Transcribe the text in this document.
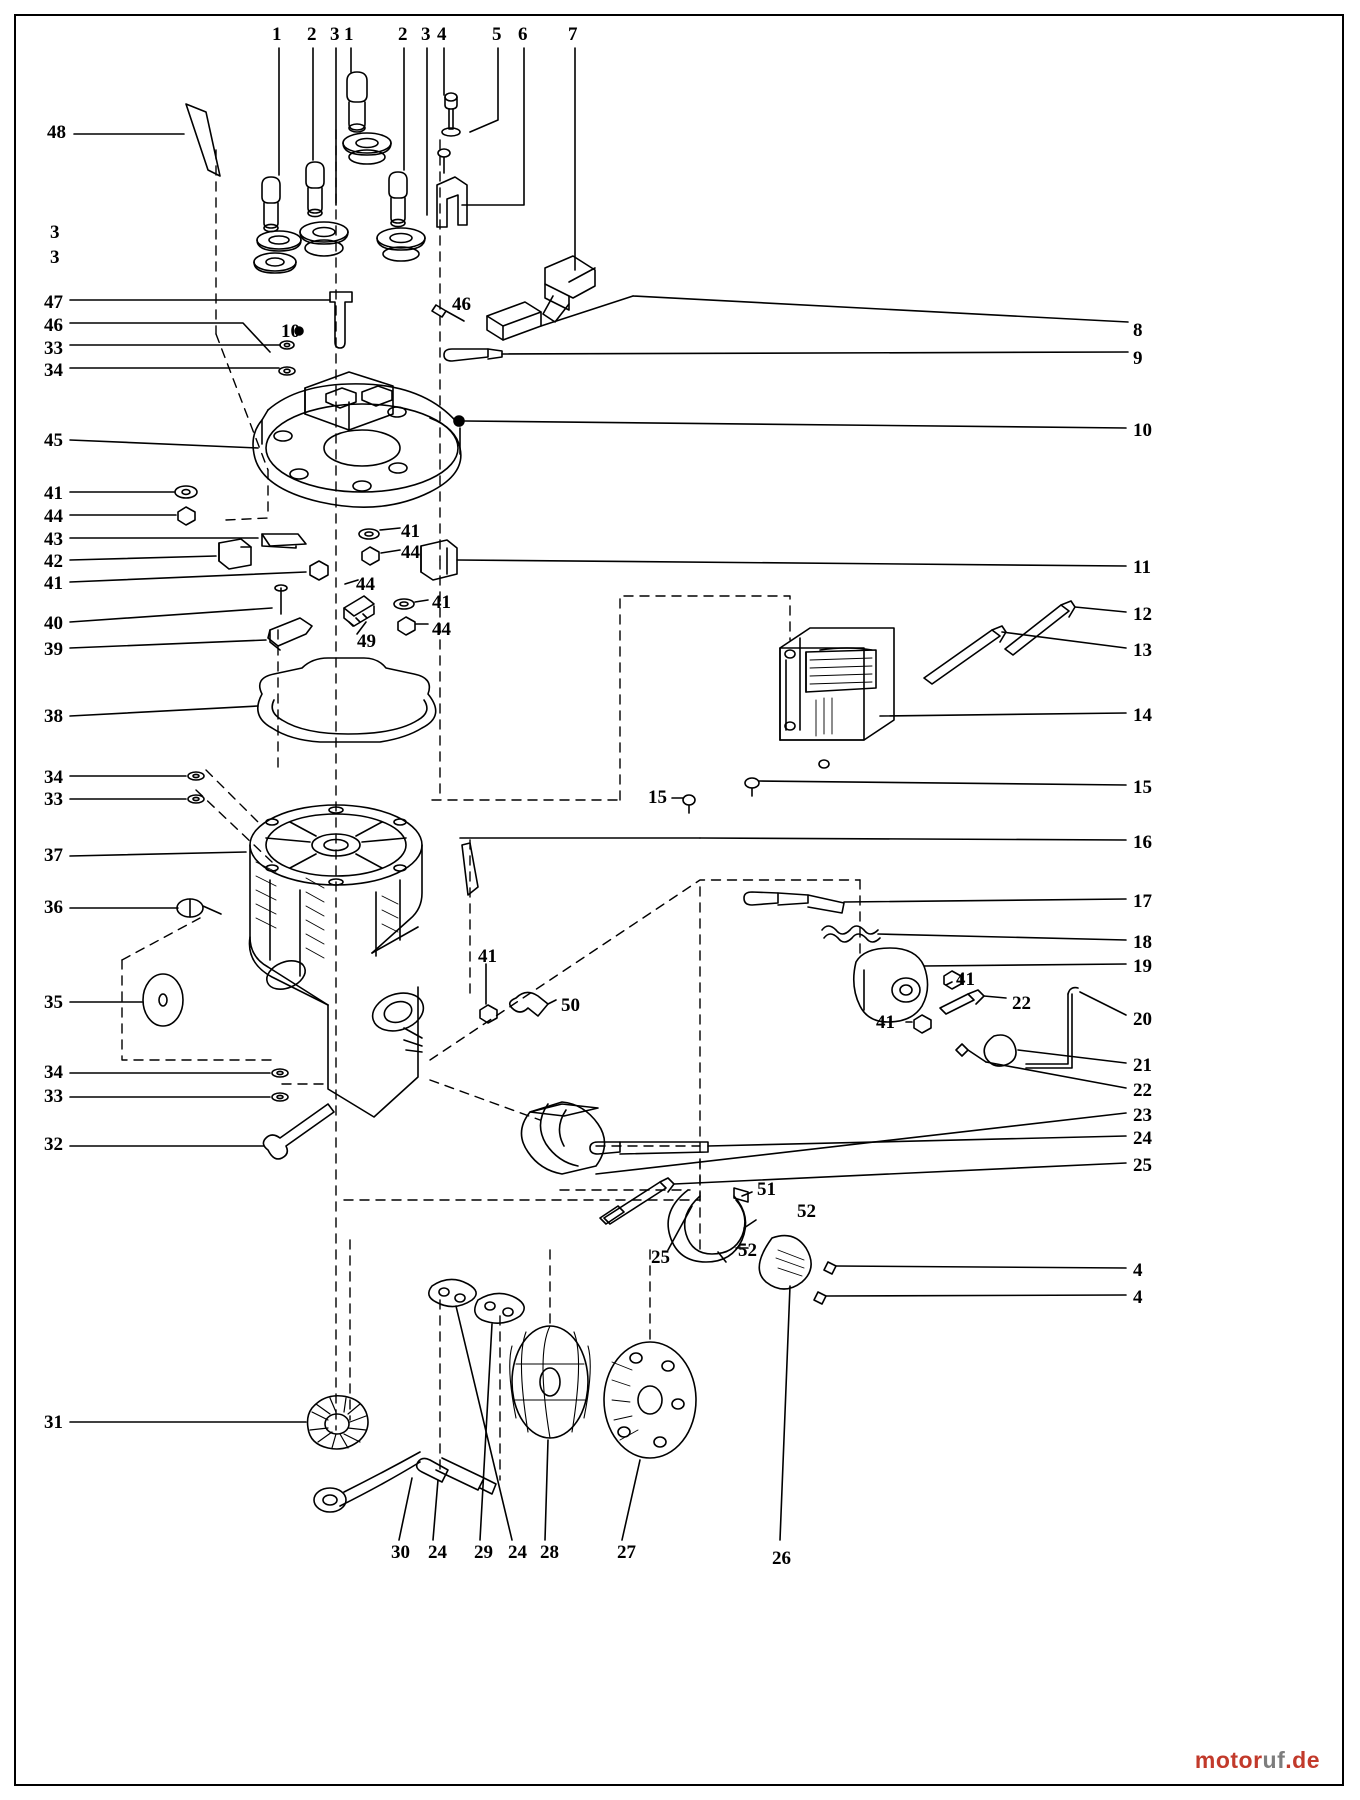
1 2 3 1 2 3 4 5 6 7
48
3
3
47
46
33
34
45
41
44
43
42
41
40
39
38
34
33
37
36
35
34
33
32
31
8
9
10
11
12
13
14
15
16
17
18
19
20
21
22
23
24
25
4
4
46
10
41
44
44
41
49
44
15
41
50
41
22
41
51
52
25	52
30 24 29 24 28	27	26
motoruf.de
